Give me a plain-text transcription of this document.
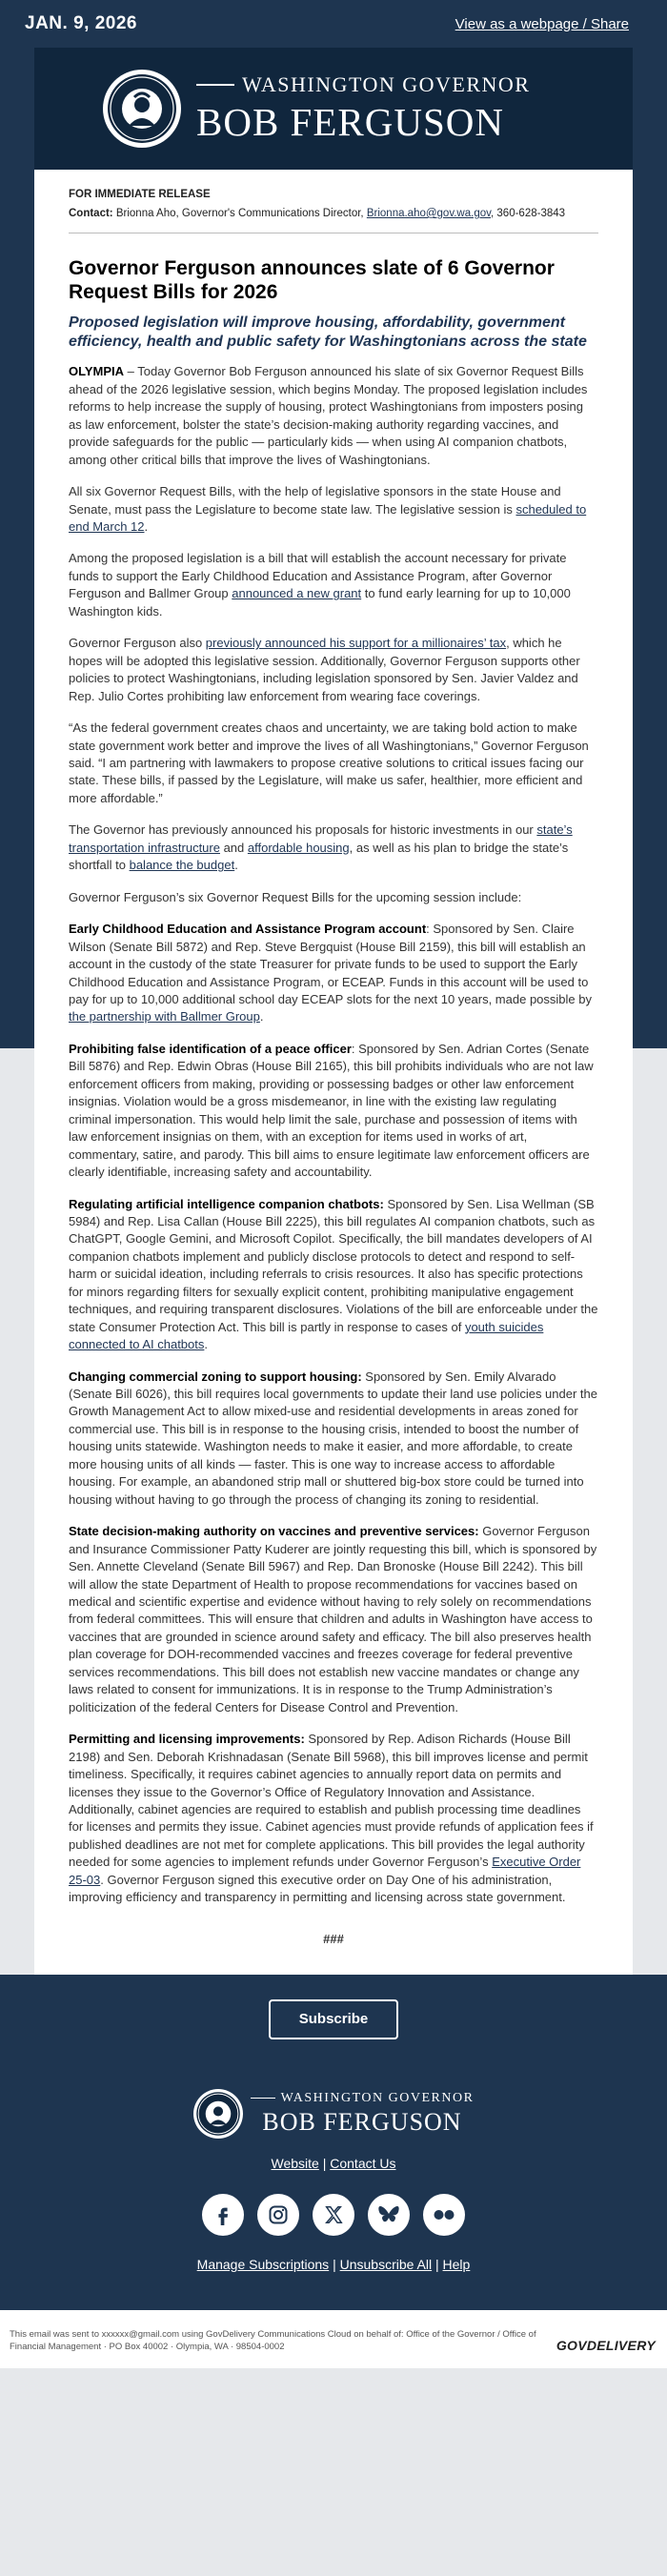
JAN. 9, 2026	View as a webpage / Share
WASHINGTON GOVERNOR
BOB FERGUSON
FOR IMMEDIATE RELEASE
Contact: Brionna Aho, Governor's Communications Director, Brionna.aho@gov.wa.gov, 360-628-3843
Governor Ferguson announces slate of 6 Governor Request Bills for 2026
Proposed legislation will improve housing, affordability, government efficiency, health and public safety for Washingtonians across the state

OLYMPIA – Today Governor Bob Ferguson announced his slate of six Governor Request Bills ahead of the 2026 legislative session, which begins Monday. The proposed legislation includes reforms to help increase the supply of housing, protect Washingtonians from imposters posing as law enforcement, bolster the state’s decision-making authority regarding vaccines, and provide safeguards for the public — particularly kids — when using AI companion chatbots, among other critical bills that improve the lives of Washingtonians.

All six Governor Request Bills, with the help of legislative sponsors in the state House and Senate, must pass the Legislature to become state law. The legislative session is scheduled to end March 12.

Among the proposed legislation is a bill that will establish the account necessary for private funds to support the Early Childhood Education and Assistance Program, after Governor Ferguson and Ballmer Group announced a new grant to fund early learning for up to 10,000 Washington kids.

Governor Ferguson also previously announced his support for a millionaires’ tax, which he hopes will be adopted this legislative session. Additionally, Governor Ferguson supports other policies to protect Washingtonians, including legislation sponsored by Sen. Javier Valdez and Rep. Julio Cortes prohibiting law enforcement from wearing face coverings.

“As the federal government creates chaos and uncertainty, we are taking bold action to make state government work better and improve the lives of all Washingtonians,” Governor Ferguson said. “I am partnering with lawmakers to propose creative solutions to critical issues facing our state. These bills, if passed by the Legislature, will make us safer, healthier, more efficient and more affordable.”

The Governor has previously announced his proposals for historic investments in our state’s transportation infrastructure and affordable housing, as well as his plan to bridge the state’s shortfall to balance the budget.

Governor Ferguson’s six Governor Request Bills for the upcoming session include:

Early Childhood Education and Assistance Program account: Sponsored by Sen. Claire Wilson (Senate Bill 5872) and Rep. Steve Bergquist (House Bill 2159), this bill will establish an account in the custody of the state Treasurer for private funds to be used to support the Early Childhood Education and Assistance Program, or ECEAP. Funds in this account will be used to pay for up to 10,000 additional school day ECEAP slots for the next 10 years, made possible by the partnership with Ballmer Group.

Prohibiting false identification of a peace officer: Sponsored by Sen. Adrian Cortes (Senate Bill 5876) and Rep. Edwin Obras (House Bill 2165), this bill prohibits individuals who are not law enforcement officers from making, providing or possessing badges or other law enforcement insignias. Violation would be a gross misdemeanor, in line with the existing law regulating criminal impersonation. This would help limit the sale, purchase and possession of items with law enforcement insignias on them, with an exception for items used in works of art, commentary, satire, and parody. This bill aims to ensure legitimate law enforcement officers are clearly identifiable, increasing safety and accountability.

Regulating artificial intelligence companion chatbots: Sponsored by Sen. Lisa Wellman (SB 5984) and Rep. Lisa Callan (House Bill 2225), this bill regulates AI companion chatbots, such as ChatGPT, Google Gemini, and Microsoft Copilot. Specifically, the bill mandates developers of AI companion chatbots implement and publicly disclose protocols to detect and respond to self-harm or suicidal ideation, including referrals to crisis resources. It also has specific protections for minors regarding filters for sexually explicit content, prohibiting manipulative engagement techniques, and requiring transparent disclosures. Violations of the bill are enforceable under the state Consumer Protection Act. This bill is partly in response to cases of youth suicides connected to AI chatbots.

Changing commercial zoning to support housing: Sponsored by Sen. Emily Alvarado (Senate Bill 6026), this bill requires local governments to update their land use policies under the Growth Management Act to allow mixed-use and residential developments in areas zoned for commercial use. This bill is in response to the housing crisis, intended to boost the number of housing units statewide. Washington needs to make it easier, and more affordable, to create more housing units of all kinds — faster. This is one way to increase access to affordable housing. For example, an abandoned strip mall or shuttered big-box store could be turned into housing without having to go through the process of changing its zoning to residential.

State decision-making authority on vaccines and preventive services: Governor Ferguson and Insurance Commissioner Patty Kuderer are jointly requesting this bill, which is sponsored by Sen. Annette Cleveland (Senate Bill 5967) and Rep. Dan Bronoske (House Bill 2242). This bill will allow the state Department of Health to propose recommendations for vaccines based on medical and scientific expertise and evidence without having to rely solely on recommendations from federal committees. This will ensure that children and adults in Washington have access to vaccines that are grounded in science around safety and efficacy. The bill also preserves health plan coverage for DOH-recommended vaccines and freezes coverage for federal preventive services recommendations. This bill does not establish new vaccine mandates or change any laws related to consent for immunizations. It is in response to the Trump Administration’s politicization of the federal Centers for Disease Control and Prevention.

Permitting and licensing improvements: Sponsored by Rep. Adison Richards (House Bill 2198) and Sen. Deborah Krishnadasan (Senate Bill 5968), this bill improves license and permit timeliness. Specifically, it requires cabinet agencies to annually report data on permits and licenses they issue to the Governor’s Office of Regulatory Innovation and Assistance. Additionally, cabinet agencies are required to establish and publish processing time deadlines for licenses and permits they issue. Cabinet agencies must provide refunds of application fees if published deadlines are not met for complete applications. This bill provides the legal authority needed for some agencies to implement refunds under Governor Ferguson’s Executive Order 25-03. Governor Ferguson signed this executive order on Day One of his administration, improving efficiency and transparency in permitting and licensing across state government.

###
Subscribe
WASHINGTON GOVERNOR
BOB FERGUSON
Website | Contact Us
Manage Subscriptions | Unsubscribe All | Help
This email was sent to xxxxxx@gmail.com using GovDelivery Communications Cloud on behalf of: Office of the Governor / Office of Financial Management · PO Box 40002 · Olympia, WA · 98504-0002	GOVDELIVERY
